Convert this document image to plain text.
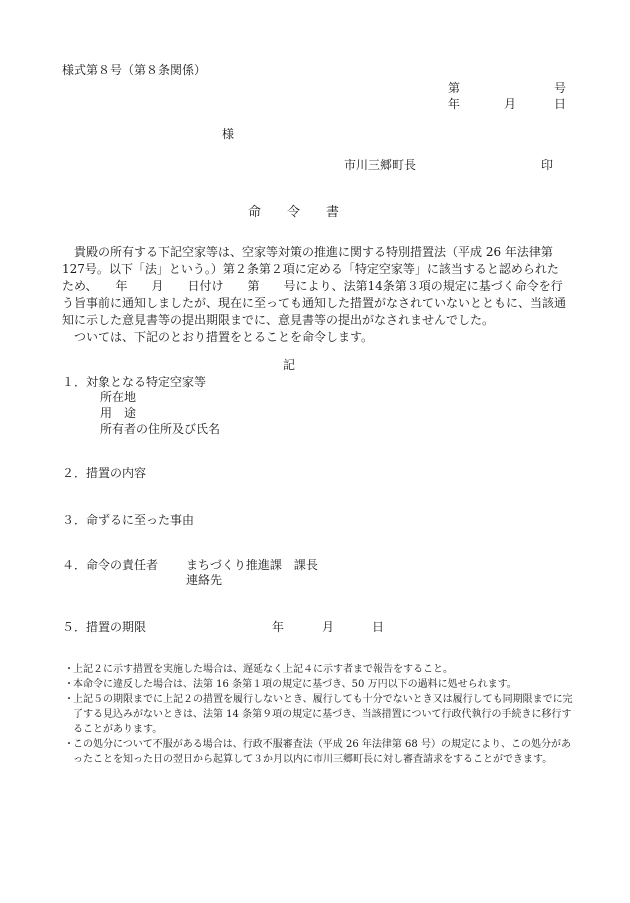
様式第８号（第８条関係）
第	号
年	月	日
様
市川三郷町長	印
命　　令　　書

　貴殿の所有する下記空家等は、空家等対策の推進に関する特別措置法（平成 26 年法律第127号。以下「法」という。）第２条第２項に定める「特定空家等」に該当すると認められたため、　　年　　月　　日付け　　第　　号により、法第14条第３項の規定に基づく命令を行う旨事前に通知しましたが、現在に至っても通知した措置がなされていないとともに、当該通知に示した意見書等の提出期限までに、意見書等の提出がなされませんでした。

　ついては、下記のとおり措置をとることを命令します。

記
１．対象となる特定空家等
所在地
用　途
所有者の住所及び氏名
２．措置の内容
３．命ずるに至った事由
４．命令の責任者 まちづくり推進課　課長
連絡先
５．措置の期限	年	月	日
・ 上記２に示す措置を実施した場合は、遅延なく上記４に示す者まで報告をすること。
・ 本命令に違反した場合は、法第 16 条第１項の規定に基づき、50 万円以下の過料に処せられます。
・ 上記５の期限までに上記２の措置を履行しないとき、履行しても十分でないとき又は履行しても同期限までに完了する見込みがないときは、法第 14 条第９項の規定に基づき、当該措置について行政代執行の手続きに移行することがあります。
・ この処分について不服がある場合は、行政不服審査法（平成 26 年法律第 68 号）の規定により、この処分があったことを知った日の翌日から起算して３か月以内に市川三郷町長に対し審査請求をすることができます。
